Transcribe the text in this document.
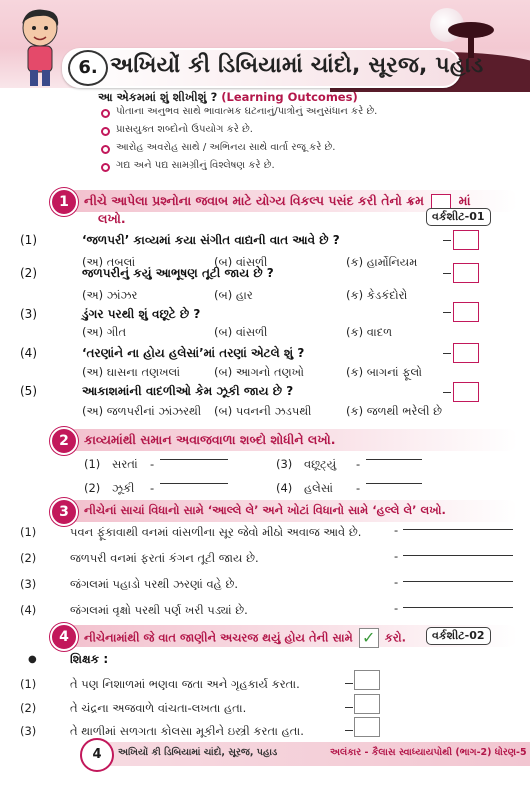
6. અખિયોં કી ડિબિયામાં ચાંદો, સૂરજ, પહાડ
આ એકમમાં શું શીખીશું ? (Learning Outcomes)
પોતાના અનુભવ સાથે ભાવાત્મક ઘટનાનું/પાત્રોનું અનુસંધાન કરે છે.
પ્રાસયુક્ત શબ્દોનો ઉપયોગ કરે છે.
આરોહ અવરોહ સાથે / અભિનય સાથે વાર્તા રજૂ કરે છે.
ગદ્ય અને પદ્ય સામગ્રીનું વિશ્લેષણ કરે છે.
1	નીચે આપેલા પ્રશ્નોના જવાબ માટે યોગ્ય વિકલ્પ પસંદ કરી તેનો ક્રમ	માં
લખો.	વર્કશીટ-01
(1)	‘જળપરી’ કાવ્યમાં કયા સંગીત વાદ્યની વાત આવે છે ?
(અ) તબલાં	(બ) વાંસળી	(ક) હાર્મોનિયમ
(2)	જળપરીનું કયું આભૂષણ તૂટી જાય છે ?
(અ) ઝાંઝર	(બ) હાર	(ક) કેડકંદોરો
(3)	ડુંગર પરથી શું વછૂટે છે ?
(અ) ગીત	(બ) વાંસળી	(ક) વાદળ
(4)	‘તરણાંને ના હોય હલેસાં’માં તરણાં એટલે શું ?
(અ) ઘાસના તણખલાં	(બ) આગનો તણખો	(ક) બાગનાં ફૂલો
(5)	આકાશમાંની વાદળીઓ કેમ ઝૂકી જાય છે ?
(અ) જળપરીનાં ઝાંઝરથી (બ) પવનની ઝડપથી	(ક) જળથી ભરેલી છે
2	કાવ્યમાંથી સમાન અવાજવાળા શબ્દો શોધીને લખો.
(1) સરતાં -	(3) વછૂટ્યું -
(2) ઝૂકી -	(4) હલેસાં -
3	નીચેનાં સાચાં વિધાનો સામે ‘આલ્લે લે’ અને ખોટાં વિધાનો સામે ‘હલ્લે લે’ લખો.
(1)	પવન ફૂંકાવાથી વનમાં વાંસળીના સૂર જેવો મીઠો અવાજ આવે છે.	-
(2)	જળપરી વનમાં ફરતાં કંગન તૂટી જાય છે.	-
(3)	જંગલમાં પહાડો પરથી ઝરણાં વહે છે.	-
(4)	જંગલમાં વૃક્ષો પરથી પર્ણ ખરી પડ્યાં છે.	-
4	નીચેનામાંથી જે વાત જાણીને અચરજ થયું હોય તેની સામે ✓ કરો.	વર્કશીટ-02
●	શિક્ષક :
(1)	તે પણ નિશાળમાં ભણવા જતા અને ગૃહકાર્ય કરતા.
(2)	તે ચંદ્રના અજવાળે વાંચતા-લખતા હતા.
(3)	તે થાળીમાં સળગતા કોલસા મૂકીને ઇસ્ત્રી કરતા હતા.
4	અખિયોં કી ડિબિયામાં ચાંદો, સૂરજ, પહાડ	અલંકાર - કૈલાસ સ્વાધ્યાયપોથી (ભાગ-2) ધોરણ-5
